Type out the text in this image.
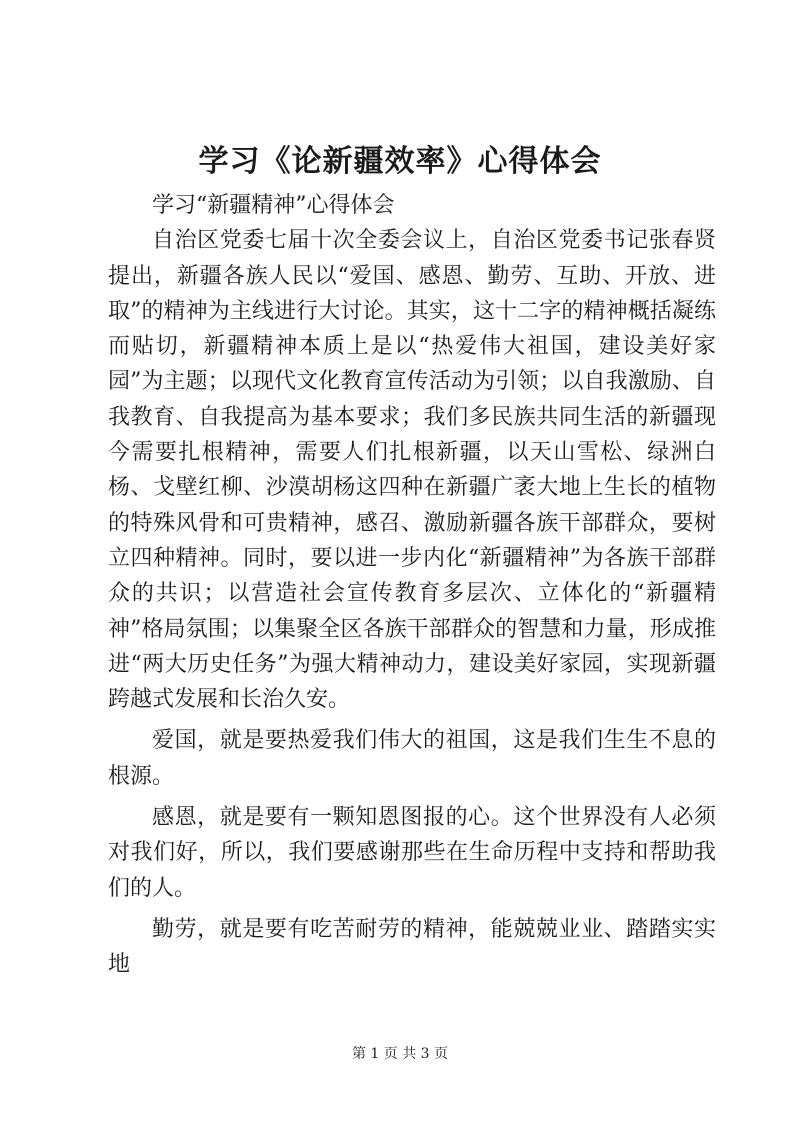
学习《论新疆效率》心得体会

学习“新疆精神”心得体会

自治区党委七届十次全委会议上，自治区党委书记张春贤提出，新疆各族人民以“爱国、感恩、勤劳、互助、开放、进取”的精神为主线进行大讨论。其实，这十二字的精神概括凝练而贴切，新疆精神本质上是以“热爱伟大祖国，建设美好家园”为主题；以现代文化教育宣传活动为引领；以自我激励、自我教育、自我提高为基本要求；我们多民族共同生活的新疆现今需要扎根精神，需要人们扎根新疆，以天山雪松、绿洲白杨、戈壁红柳、沙漠胡杨这四种在新疆广袤大地上生长的植物的特殊风骨和可贵精神，感召、激励新疆各族干部群众，要树立四种精神。同时，要以进一步内化“新疆精神”为各族干部群众的共识；以营造社会宣传教育多层次、立体化的“新疆精神”格局氛围；以集聚全区各族干部群众的智慧和力量，形成推进“两大历史任务”为强大精神动力，建设美好家园，实现新疆跨越式发展和长治久安。

爱国，就是要热爱我们伟大的祖国，这是我们生生不息的根源。

感恩，就是要有一颗知恩图报的心。这个世界没有人必须对我们好，所以，我们要感谢那些在生命历程中支持和帮助我们的人。

勤劳，就是要有吃苦耐劳的精神，能兢兢业业、踏踏实实地

第 1 页 共 3 页
